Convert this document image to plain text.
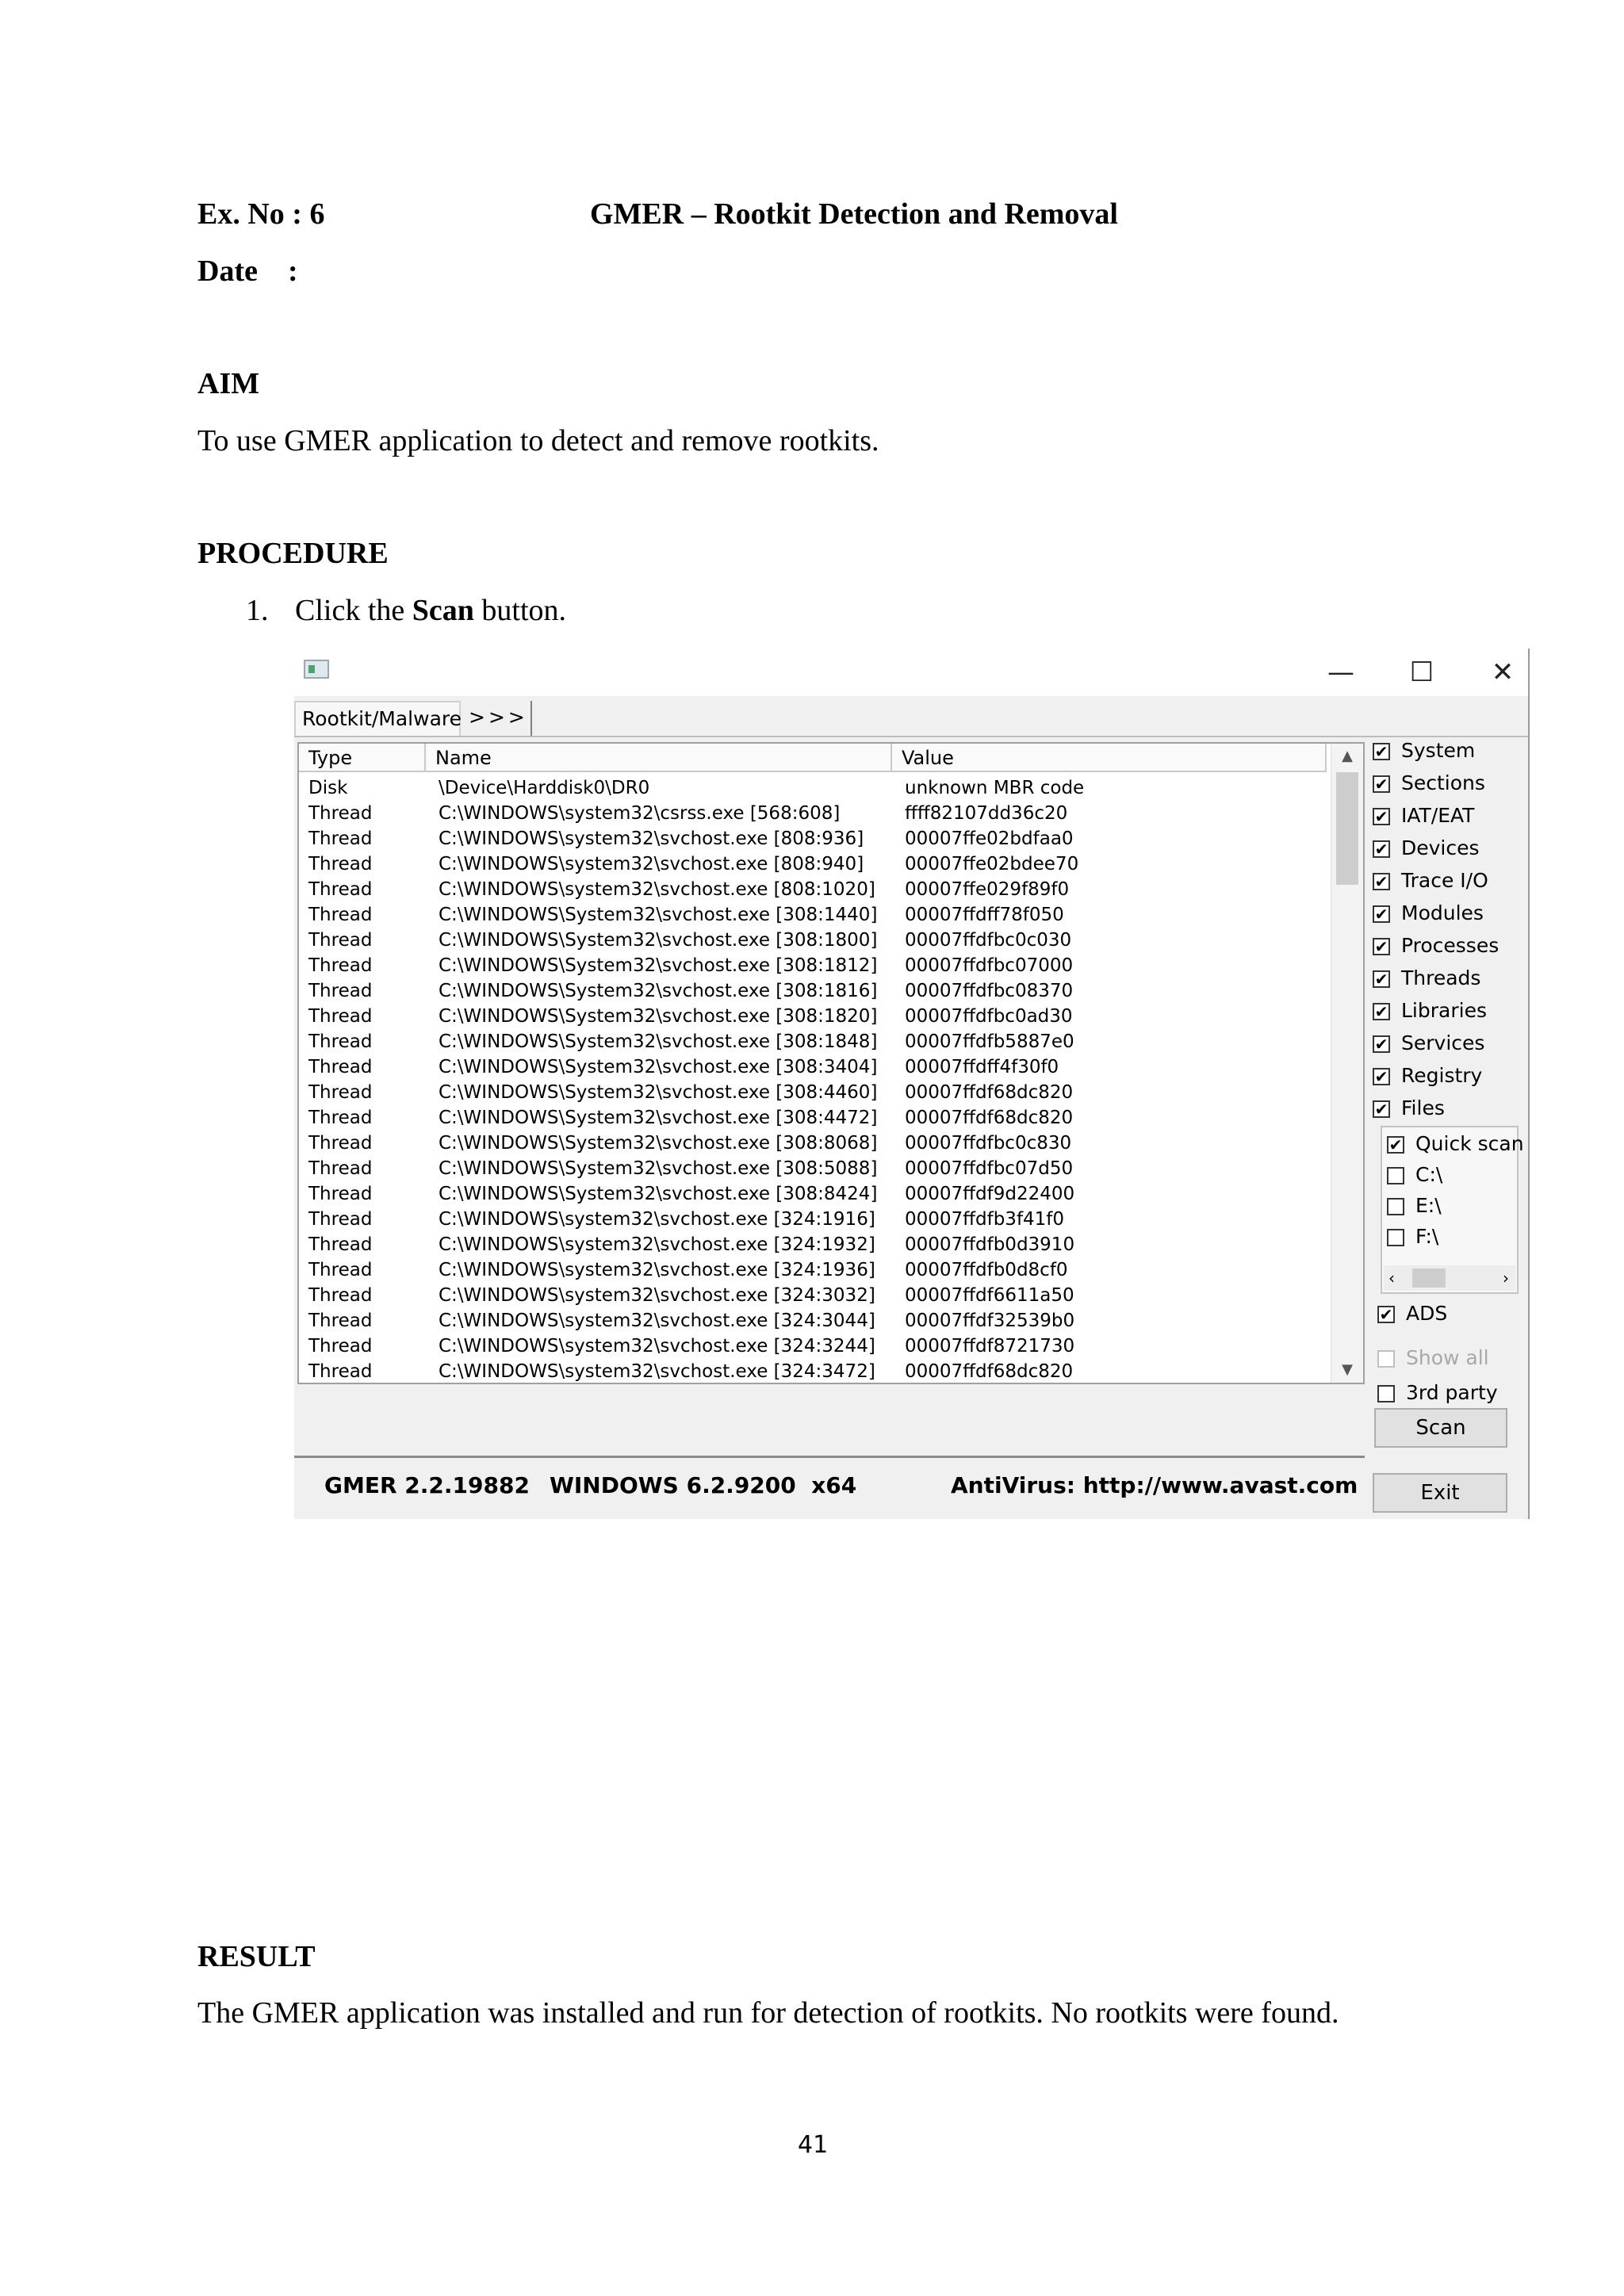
Ex. No : 6	GMER – Rootkit Detection and Removal
Date    :
AIM
To use GMER application to detect and remove rootkits.
PROCEDURE
1. Click the Scan button.
—	☐	✕
Rootkit/Malware >>>
Type	Name	Value
Disk	\Device\Harddisk0\DR0	unknown MBR code
Thread	C:\WINDOWS\system32\csrss.exe [568:608]	ffff82107dd36c20
Thread	C:\WINDOWS\system32\svchost.exe [808:936] 00007ffe02bdfaa0
Thread	C:\WINDOWS\system32\svchost.exe [808:940] 00007ffe02bdee70
Thread	C:\WINDOWS\system32\svchost.exe [808:1020] 00007ffe029f89f0
Thread	C:\WINDOWS\System32\svchost.exe [308:1440] 00007ffdff78f050
Thread	C:\WINDOWS\System32\svchost.exe [308:1800] 00007ffdfbc0c030
Thread	C:\WINDOWS\System32\svchost.exe [308:1812] 00007ffdfbc07000
Thread	C:\WINDOWS\System32\svchost.exe [308:1816] 00007ffdfbc08370
Thread	C:\WINDOWS\System32\svchost.exe [308:1820] 00007ffdfbc0ad30
Thread	C:\WINDOWS\System32\svchost.exe [308:1848] 00007ffdfb5887e0
Thread	C:\WINDOWS\System32\svchost.exe [308:3404] 00007ffdff4f30f0
Thread	C:\WINDOWS\System32\svchost.exe [308:4460] 00007ffdf68dc820
Thread	C:\WINDOWS\System32\svchost.exe [308:4472] 00007ffdf68dc820
Thread	C:\WINDOWS\System32\svchost.exe [308:8068] 00007ffdfbc0c830
Thread	C:\WINDOWS\System32\svchost.exe [308:5088] 00007ffdfbc07d50
Thread	C:\WINDOWS\System32\svchost.exe [308:8424] 00007ffdf9d22400
Thread	C:\WINDOWS\system32\svchost.exe [324:1916] 00007ffdfb3f41f0
Thread	C:\WINDOWS\system32\svchost.exe [324:1932] 00007ffdfb0d3910
Thread	C:\WINDOWS\system32\svchost.exe [324:1936] 00007ffdfb0d8cf0
Thread	C:\WINDOWS\system32\svchost.exe [324:3032] 00007ffdf6611a50
Thread	C:\WINDOWS\system32\svchost.exe [324:3044] 00007ffdf32539b0
Thread	C:\WINDOWS\system32\svchost.exe [324:3244] 00007ffdf8721730
Thread	C:\WINDOWS\system32\svchost.exe [324:3472] 00007ffdf68dc820
▲
▼
✔System
✔Sections
✔IAT/EAT
✔Devices
✔Trace I/O
✔Modules
✔Processes
✔Threads
✔Libraries
✔Services
✔Registry
✔Files
‹	›
✔Quick scan
C:\
E:\
F:\
✔ADS
Show all
3rd party
Scan
GMER 2.2.19882 WINDOWS 6.2.9200  x64	AntiVirus: http://www.avast.com	Exit
RESULT
The GMER application was installed and run for detection of rootkits. No rootkits were found.
41
